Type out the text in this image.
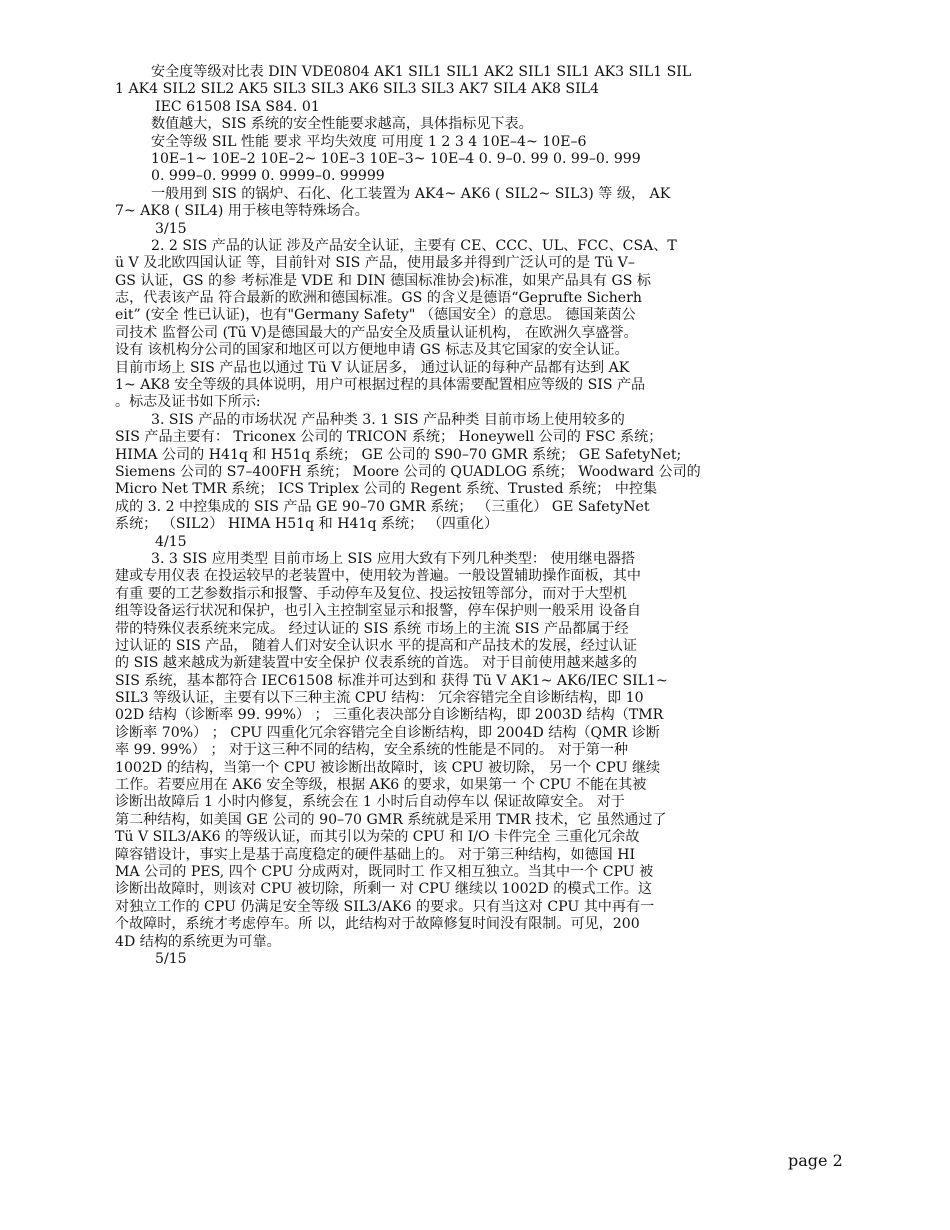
安全度等级对比表 DIN VDE0804 AK1 SIL1 SIL1 AK2 SIL1 SIL1 AK3 SIL1 SIL
1 AK4 SIL2 SIL2 AK5 SIL3 SIL3 AK6 SIL3 SIL3 AK7 SIL4 AK8 SIL4
IEC 61508 ISA S84. 01
数值越大，SIS 系统的安全性能要求越高，具体指标见下表。
安全等级 SIL 性能 要求 平均失效度 可用度 1 2 3 4 10E–4~ 10E–6
10E–1~ 10E–2 10E–2~ 10E–3 10E–3~ 10E–4 0. 9–0. 99 0. 99–0. 999
0. 999–0. 9999 0. 9999–0. 99999
一般用到 SIS 的锅炉、石化、化工装置为 AK4~ AK6 ( SIL2~ SIL3) 等 级， AK
7~ AK8 ( SIL4) 用于核电等特殊场合。
3/15
2. 2 SIS 产品的认证 涉及产品安全认证，主要有 CE、CCC、UL、FCC、CSA、T
ü V 及北欧四国认证 等，目前针对 SIS 产品，使用最多并得到广泛认可的是 Tü V–
GS 认证，GS 的参 考标准是 VDE 和 DIN 德国标准协会)标准，如果产品具有 GS 标
志，代表该产品 符合最新的欧洲和德国标准。GS 的含义是德语“Geprufte Sicherh
eit” (安全 性已认证)，也有"Germany Safety" （德国安全）的意思。 德国莱茵公
司技术 监督公司 (Tü V)是德国最大的产品安全及质量认证机构， 在欧洲久享盛誉。
设有 该机构分公司的国家和地区可以方便地申请 GS 标志及其它国家的安全认证。
目前市场上 SIS 产品也以通过 Tü V 认证居多， 通过认证的每种产品都有达到 AK
1~ AK8 安全等级的具体说明，用户可根据过程的具体需要配置相应等级的 SIS 产品
。标志及证书如下所示:
3. SIS 产品的市场状况 产品种类 3. 1 SIS 产品种类 目前市场上使用较多的
SIS 产品主要有： Triconex 公司的 TRICON 系统； Honeywell 公司的 FSC 系统；
HIMA 公司的 H41q 和 H51q 系统； GE 公司的 S90–70 GMR 系统； GE SafetyNet;
Siemens 公司的 S7–400FH 系统； Moore 公司的 QUADLOG 系统； Woodward 公司的
Micro Net TMR 系统； ICS Triplex 公司的 Regent 系统、Trusted 系统； 中控集
成的 3. 2 中控集成的 SIS 产品 GE 90–70 GMR 系统； （三重化） GE SafetyNet
系统； （SIL2） HIMA H51q 和 H41q 系统； （四重化）
4/15
3. 3 SIS 应用类型 目前市场上 SIS 应用大致有下列几种类型： 使用继电器搭
建或专用仪表 在投运较早的老装置中，使用较为普遍。一般设置辅助操作面板，其中
有重 要的工艺参数指示和报警、手动停车及复位、投运按钮等部分，而对于大型机
组等设备运行状况和保护，也引入主控制室显示和报警，停车保护则一般采用 设备自
带的特殊仪表系统来完成。 经过认证的 SIS 系统 市场上的主流 SIS 产品都属于经
过认证的 SIS 产品， 随着人们对安全认识水 平的提高和产品技术的发展，经过认证
的 SIS 越来越成为新建装置中安全保护 仪表系统的首选。 对于目前使用越来越多的
SIS 系统，基本都符合 IEC61508 标准并可达到和 获得 Tü V AK1~ AK6/IEC SIL1~
SIL3 等级认证，主要有以下三种主流 CPU 结构： 冗余容错完全自诊断结构，即 10
02D 结构（诊断率 99. 99%） ； 三重化表决部分自诊断结构，即 2003D 结构（TMR
诊断率 70%） ； CPU 四重化冗余容错完全自诊断结构，即 2004D 结构（QMR 诊断
率 99. 99%） ； 对于这三种不同的结构，安全系统的性能是不同的。 对于第一种
1002D 的结构，当第一个 CPU 被诊断出故障时，该 CPU 被切除， 另一个 CPU 继续
工作。若要应用在 AK6 安全等级，根据 AK6 的要求，如果第一 个 CPU 不能在其被
诊断出故障后 1 小时内修复，系统会在 1 小时后自动停车以 保证故障安全。 对于
第二种结构，如美国 GE 公司的 90–70 GMR 系统就是采用 TMR 技术，它 虽然通过了
Tü V SIL3/AK6 的等级认证，而其引以为荣的 CPU 和 I/O 卡件完全 三重化冗余故
障容错设计，事实上是基于高度稳定的硬件基础上的。 对于第三种结构，如德国 HI
MA 公司的 PES, 四个 CPU 分成两对，既同时工 作又相互独立。当其中一个 CPU 被
诊断出故障时，则该对 CPU 被切除，所剩一 对 CPU 继续以 1002D 的模式工作。这
对独立工作的 CPU 仍满足安全等级 SIL3/AK6 的要求。只有当这对 CPU 其中再有一
个故障时，系统才考虑停车。所 以，此结构对于故障修复时间没有限制。可见，200
4D 结构的系统更为可靠。
5/15
page 2
